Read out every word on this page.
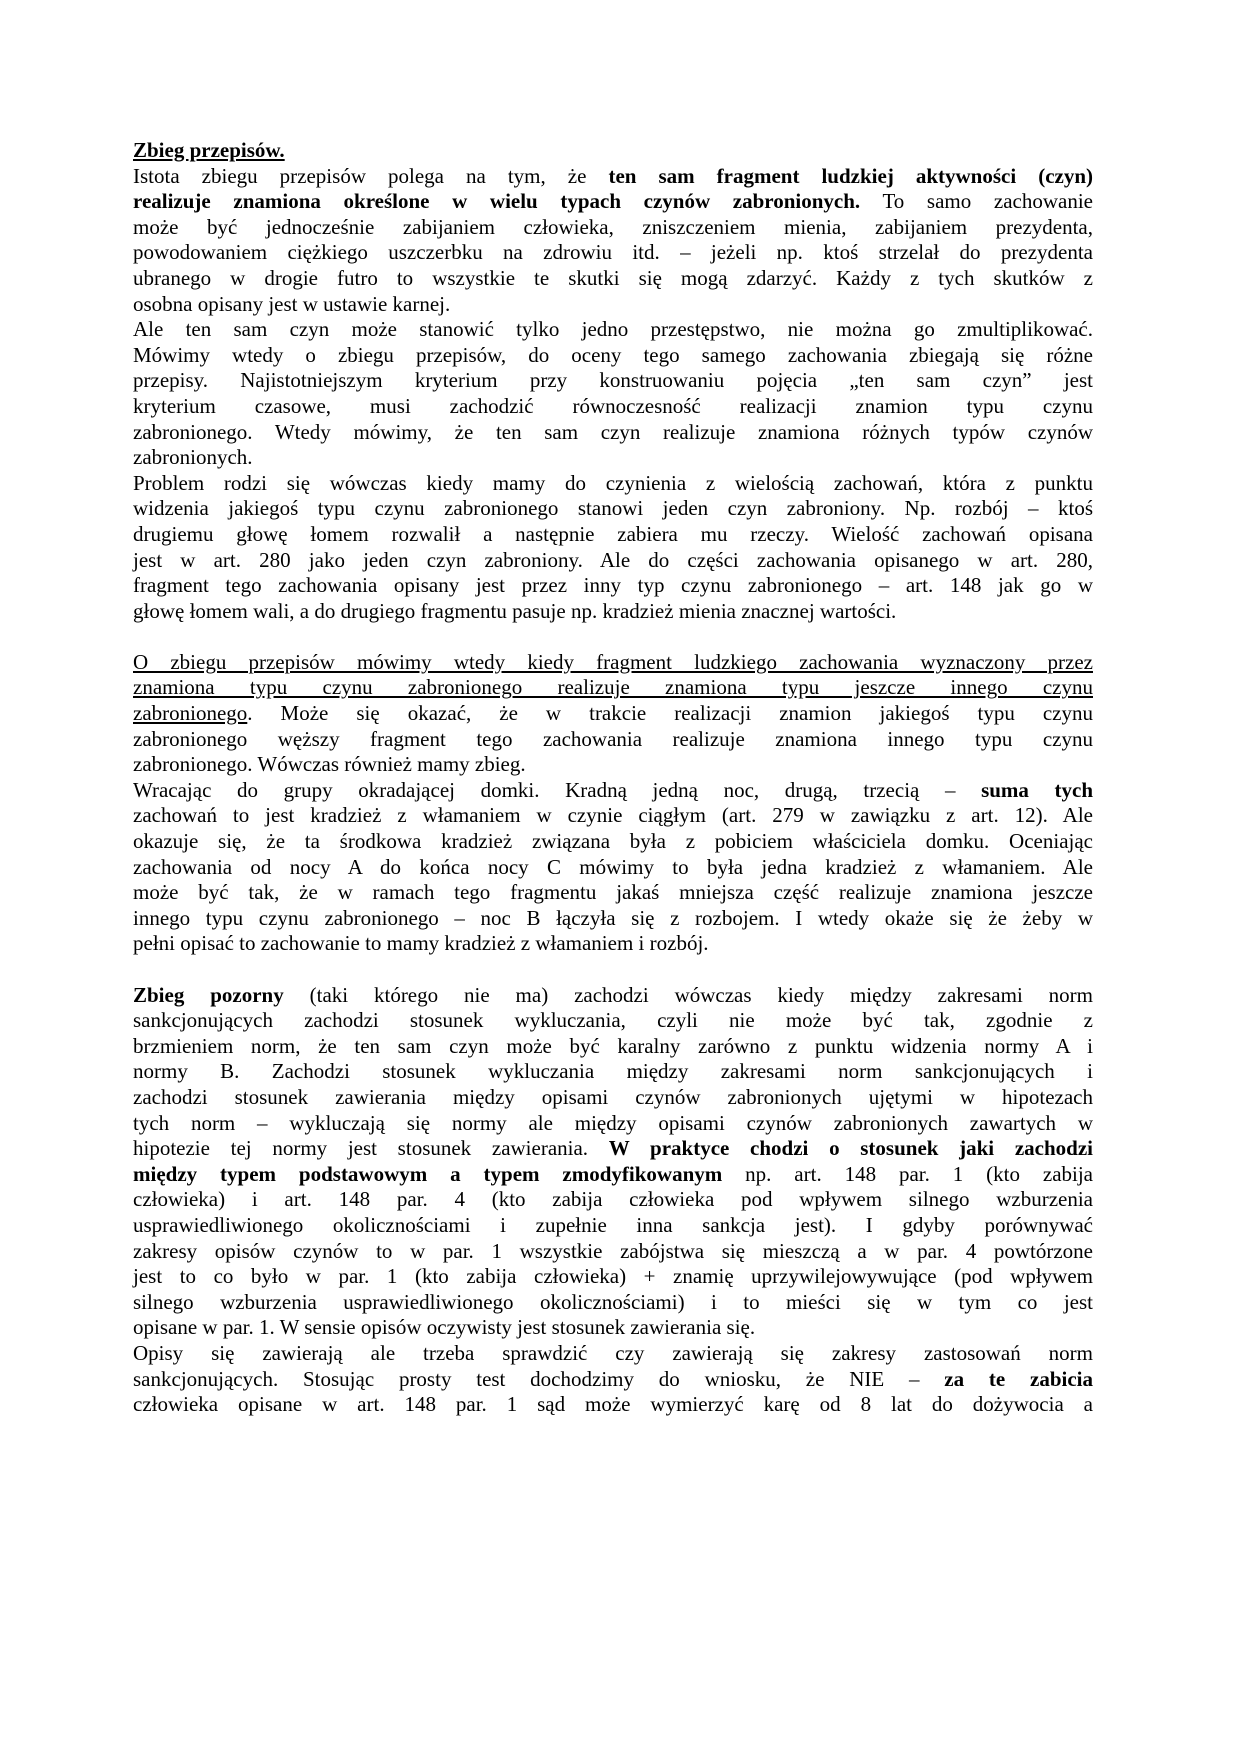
Zbieg przepisów.
Istota zbiegu przepisów polega na tym, że ten sam fragment ludzkiej aktywności (czyn)
realizuje znamiona określone w wielu typach czynów zabronionych. To samo zachowanie
może być jednocześnie zabijaniem człowieka, zniszczeniem mienia, zabijaniem prezydenta,
powodowaniem ciężkiego uszczerbku na zdrowiu itd. – jeżeli np. ktoś strzelał do prezydenta
ubranego w drogie futro to wszystkie te skutki się mogą zdarzyć. Każdy z tych skutków z
osobna opisany jest w ustawie karnej.
Ale ten sam czyn może stanowić tylko jedno przestępstwo, nie można go zmultiplikować.
Mówimy wtedy o zbiegu przepisów, do oceny tego samego zachowania zbiegają się różne
przepisy. Najistotniejszym kryterium przy konstruowaniu pojęcia „ten sam czyn” jest
kryterium czasowe, musi zachodzić równoczesność realizacji znamion typu czynu
zabronionego. Wtedy mówimy, że ten sam czyn realizuje znamiona różnych typów czynów
zabronionych.
Problem rodzi się wówczas kiedy mamy do czynienia z wielością zachowań, która z punktu
widzenia jakiegoś typu czynu zabronionego stanowi jeden czyn zabroniony. Np. rozbój – ktoś
drugiemu głowę łomem rozwalił a następnie zabiera mu rzeczy. Wielość zachowań opisana
jest w art. 280 jako jeden czyn zabroniony. Ale do części zachowania opisanego w art. 280,
fragment tego zachowania opisany jest przez inny typ czynu zabronionego – art. 148 jak go w
głowę łomem wali, a do drugiego fragmentu pasuje np. kradzież mienia znacznej wartości.
O zbiegu przepisów mówimy wtedy kiedy fragment ludzkiego zachowania wyznaczony przez
znamiona typu czynu zabronionego realizuje znamiona typu jeszcze innego czynu
zabronionego. Może się okazać, że w trakcie realizacji znamion jakiegoś typu czynu
zabronionego węższy fragment tego zachowania realizuje znamiona innego typu czynu
zabronionego. Wówczas również mamy zbieg.
Wracając do grupy okradającej domki. Kradną jedną noc, drugą, trzecią – suma tych
zachowań to jest kradzież z włamaniem w czynie ciągłym (art. 279 w zawiązku z art. 12). Ale
okazuje się, że ta środkowa kradzież związana była z pobiciem właściciela domku. Oceniając
zachowania od nocy A do końca nocy C mówimy to była jedna kradzież z włamaniem. Ale
może być tak, że w ramach tego fragmentu jakaś mniejsza część realizuje znamiona jeszcze
innego typu czynu zabronionego – noc B łączyła się z rozbojem. I wtedy okaże się że żeby w
pełni opisać to zachowanie to mamy kradzież z włamaniem i rozbój.
Zbieg pozorny (taki którego nie ma) zachodzi wówczas kiedy między zakresami norm
sankcjonujących zachodzi stosunek wykluczania, czyli nie może być tak, zgodnie z
brzmieniem norm, że ten sam czyn może być karalny zarówno z punktu widzenia normy A i
normy B. Zachodzi stosunek wykluczania między zakresami norm sankcjonujących i
zachodzi stosunek zawierania między opisami czynów zabronionych ujętymi w hipotezach
tych norm – wykluczają się normy ale między opisami czynów zabronionych zawartych w
hipotezie tej normy jest stosunek zawierania. W praktyce chodzi o stosunek jaki zachodzi
między typem podstawowym a typem zmodyfikowanym np. art. 148 par. 1 (kto zabija
człowieka) i art. 148 par. 4 (kto zabija człowieka pod wpływem silnego wzburzenia
usprawiedliwionego okolicznościami i zupełnie inna sankcja jest). I gdyby porównywać
zakresy opisów czynów to w par. 1 wszystkie zabójstwa się mieszczą a w par. 4 powtórzone
jest to co było w par. 1 (kto zabija człowieka) + znamię uprzywilejowywujące (pod wpływem
silnego wzburzenia usprawiedliwionego okolicznościami) i to mieści się w tym co jest
opisane w par. 1. W sensie opisów oczywisty jest stosunek zawierania się.
Opisy się zawierają ale trzeba sprawdzić czy zawierają się zakresy zastosowań norm
sankcjonujących. Stosując prosty test dochodzimy do wniosku, że NIE – za te zabicia
człowieka opisane w art. 148 par. 1 sąd może wymierzyć karę od 8 lat do dożywocia a
